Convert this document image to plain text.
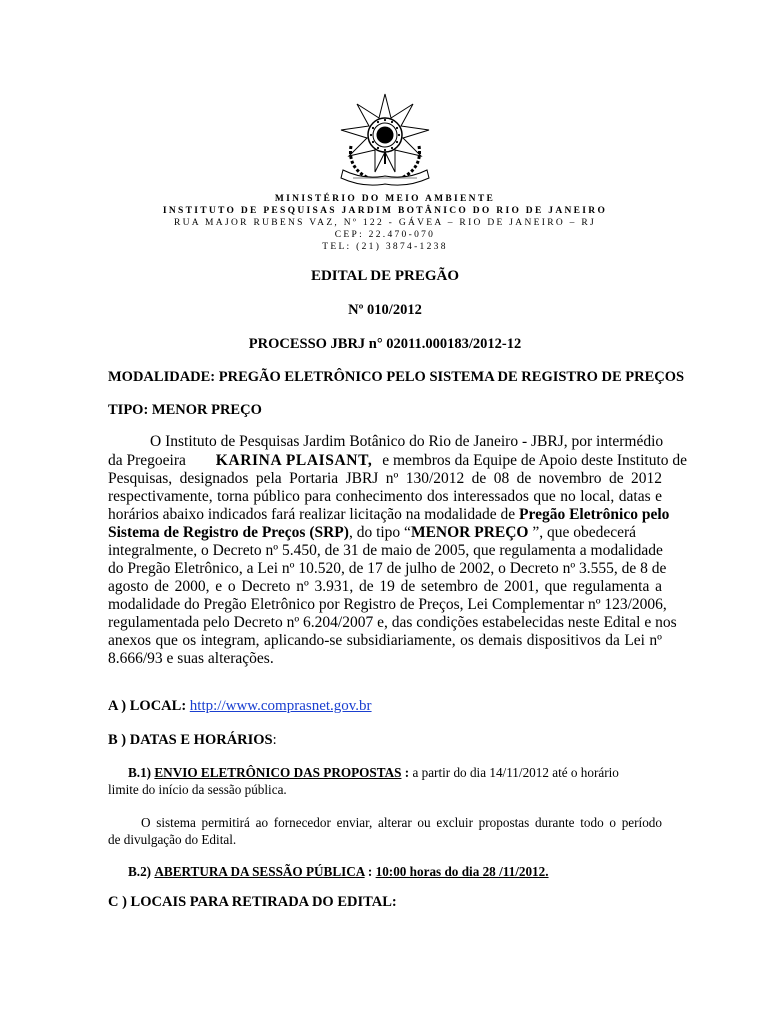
MINISTÉRIO DO MEIO AMBIENTE
INSTITUTO DE PESQUISAS JARDIM BOTÂNICO DO RIO DE JANEIRO
RUA MAJOR RUBENS VAZ, Nº 122 - GÁVEA – RIO DE JANEIRO – RJ
CEP: 22.470-070
TEL: (21) 3874-1238
EDITAL DE PREGÃO
Nº 010/2012
PROCESSO JBRJ n° 02011.000183/2012-12
MODALIDADE: PREGÃO ELETRÔNICO PELO SISTEMA DE REGISTRO DE PREÇOS
TIPO: MENOR PREÇO
O Instituto de Pesquisas Jardim Botânico do Rio de Janeiro - JBRJ, por intermédio
da Pregoeira KARINA PLAISANT, e membros da Equipe de Apoio deste Instituto de
Pesquisas, designados pela Portaria JBRJ nº 130/2012 de 08 de novembro de 2012
respectivamente, torna público para conhecimento dos interessados que no local, datas e
horários abaixo indicados fará realizar licitação na modalidade de Pregão Eletrônico pelo
Sistema de Registro de Preços (SRP), do tipo “MENOR PREÇO ”, que obedecerá
integralmente, o Decreto nº 5.450, de 31 de maio de 2005, que regulamenta a modalidade
do Pregão Eletrônico, a Lei nº 10.520, de 17 de julho de 2002, o Decreto nº 3.555, de 8 de
agosto de 2000, e o Decreto nº 3.931, de 19 de setembro de 2001, que regulamenta a
modalidade do Pregão Eletrônico por Registro de Preços, Lei Complementar nº 123/2006,
regulamentada pelo Decreto nº 6.204/2007 e, das condições estabelecidas neste Edital e nos
anexos que os integram, aplicando-se subsidiariamente, os demais dispositivos da Lei nº
8.666/93 e suas alterações.
A ) LOCAL: http://www.comprasnet.gov.br
B ) DATAS E HORÁRIOS:
B.1) ENVIO ELETRÔNICO DAS PROPOSTAS : a partir do dia 14/11/2012 até o horário
limite do início da sessão pública.
O sistema permitirá ao fornecedor enviar, alterar ou excluir propostas durante todo o período
de divulgação do Edital.
B.2) ABERTURA DA SESSÃO PÚBLICA : 10:00 horas do dia 28 /11/2012.
C ) LOCAIS PARA RETIRADA DO EDITAL:
